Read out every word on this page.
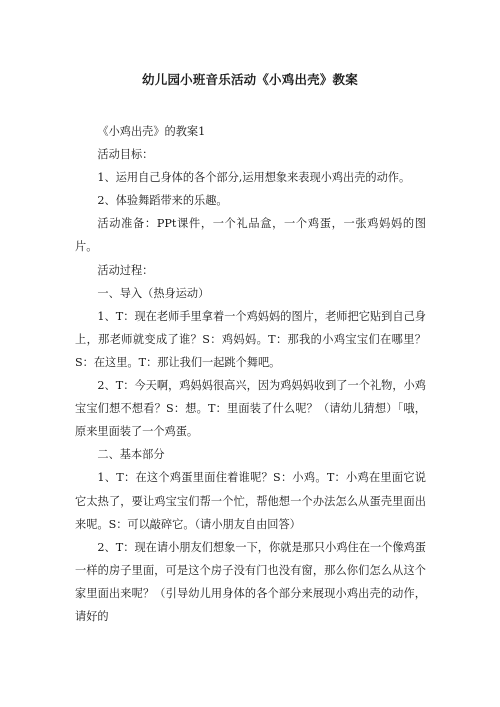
幼儿园小班音乐活动《小鸡出壳》教案

《小鸡出壳》的教案1

活动目标：

1、运用自己身体的各个部分,运用想象来表现小鸡出壳的动作。

2、体验舞蹈带来的乐趣。

活动准备：PPt课件，一个礼品盒，一个鸡蛋，一张鸡妈妈的图片。

活动过程：

一、导入（热身运动）

1、T：现在老师手里拿着一个鸡妈妈的图片，老师把它贴到自己身上，那老师就变成了谁？S：鸡妈妈。T：那我的小鸡宝宝们在哪里？S：在这里。T：那让我们一起跳个舞吧。

2、T：今天啊，鸡妈妈很高兴，因为鸡妈妈收到了一个礼物，小鸡宝宝们想不想看？S：想。T：里面装了什么呢？（请幼儿猜想）「哦，原来里面装了一个鸡蛋。

二、基本部分

1、T：在这个鸡蛋里面住着谁呢？S：小鸡。T：小鸡在里面它说它太热了，要让鸡宝宝们帮一个忙，帮他想一个办法怎么从蛋壳里面出来呢。S：可以敲碎它。（请小朋友自由回答）

2、T：现在请小朋友们想象一下，你就是那只小鸡住在一个像鸡蛋一样的房子里面，可是这个房子没有门也没有窗，那么你们怎么从这个家里面出来呢？（引导幼儿用身体的各个部分来展现小鸡出壳的动作，请好的
